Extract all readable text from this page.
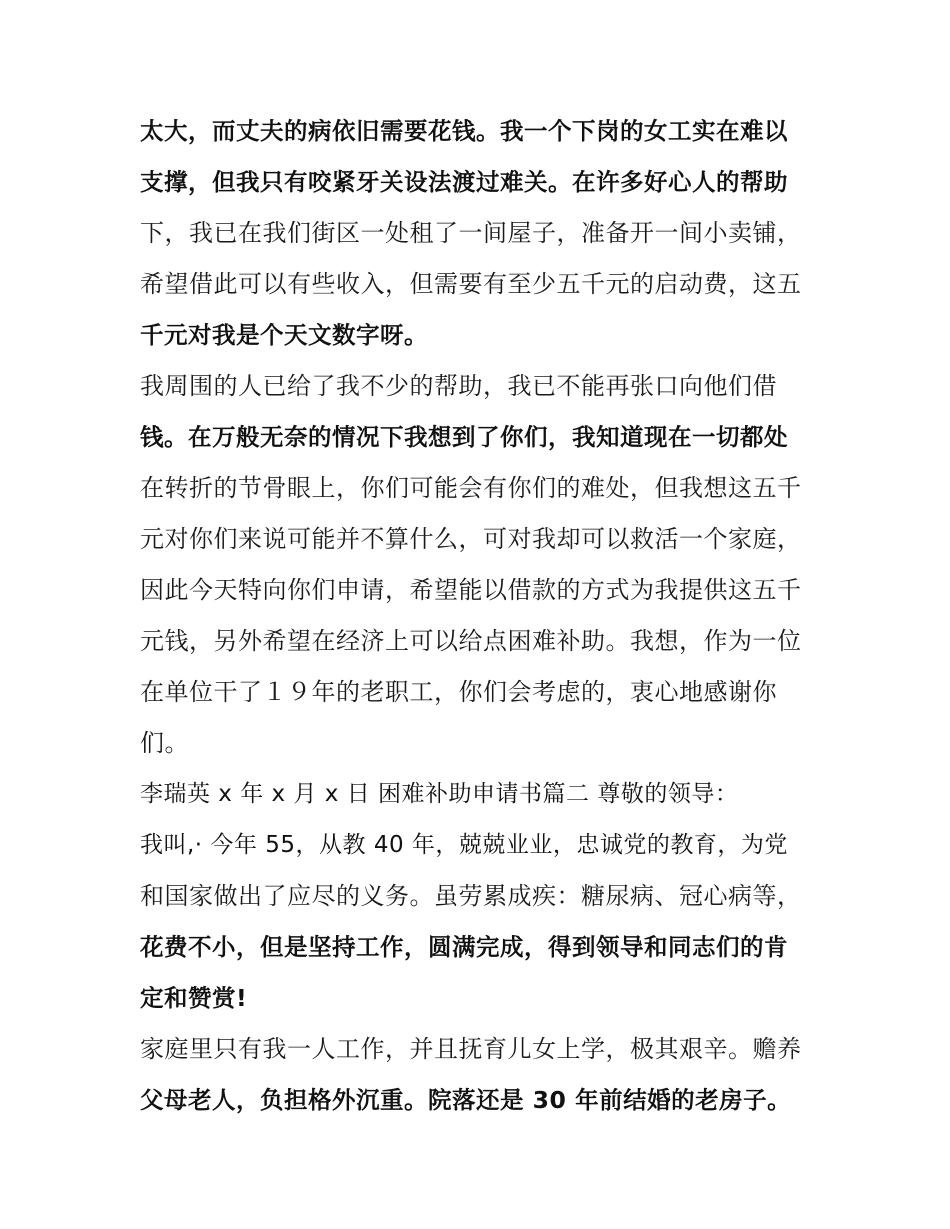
太大，而丈夫的病依旧需要花钱。我一个下岗的女工实在难以
支撑，但我只有咬紧牙关设法渡过难关。在许多好心人的帮助
下，我已在我们街区一处租了一间屋子，准备开一间小卖铺，
希望借此可以有些收入，但需要有至少五千元的启动费，这五
千元对我是个天文数字呀。
我周围的人已给了我不少的帮助，我已不能再张口向他们借
钱。在万般无奈的情况下我想到了你们，我知道现在一切都处
在转折的节骨眼上，你们可能会有你们的难处，但我想这五千
元对你们来说可能并不算什么，可对我却可以救活一个家庭，
因此今天特向你们申请，希望能以借款的方式为我提供这五千
元钱，另外希望在经济上可以给点困难补助。我想，作为一位
在单位干了１９年的老职工，你们会考虑的，衷心地感谢你
们。
李瑞英 x 年 x 月 x 日 困难补助申请书篇二 尊敬的领导：
我叫,· 今年 55，从教 40 年，兢兢业业，忠诚党的教育，为党
和国家做出了应尽的义务。虽劳累成疾：糖尿病、冠心病等，
花费不小，但是坚持工作，圆满完成，得到领导和同志们的肯
定和赞赏!
家庭里只有我一人工作，并且抚育儿女上学，极其艰辛。赡养
父母老人，负担格外沉重。院落还是 30 年前结婚的老房子。
